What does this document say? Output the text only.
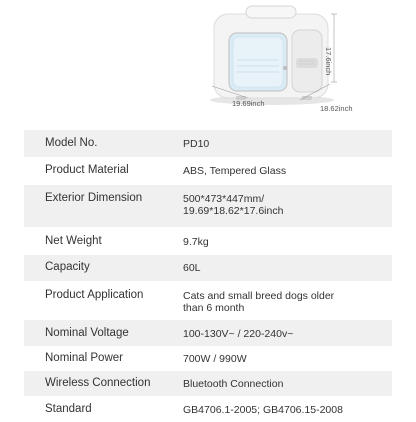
19.69inch
18.62inch
17.6inch
Model No.	PD10
Product Material	ABS, Tempered Glass
Exterior Dimension	500*473*447mm/
19.69*18.62*17.6inch
Net Weight	9.7kg
Capacity	60L
Product Application	Cats and small breed dogs older
than 6 month
Nominal Voltage	100-130V~ / 220-240v~
Nominal Power	700W / 990W
Wireless Connection	Bluetooth Connection
Standard	GB4706.1-2005; GB4706.15-2008
